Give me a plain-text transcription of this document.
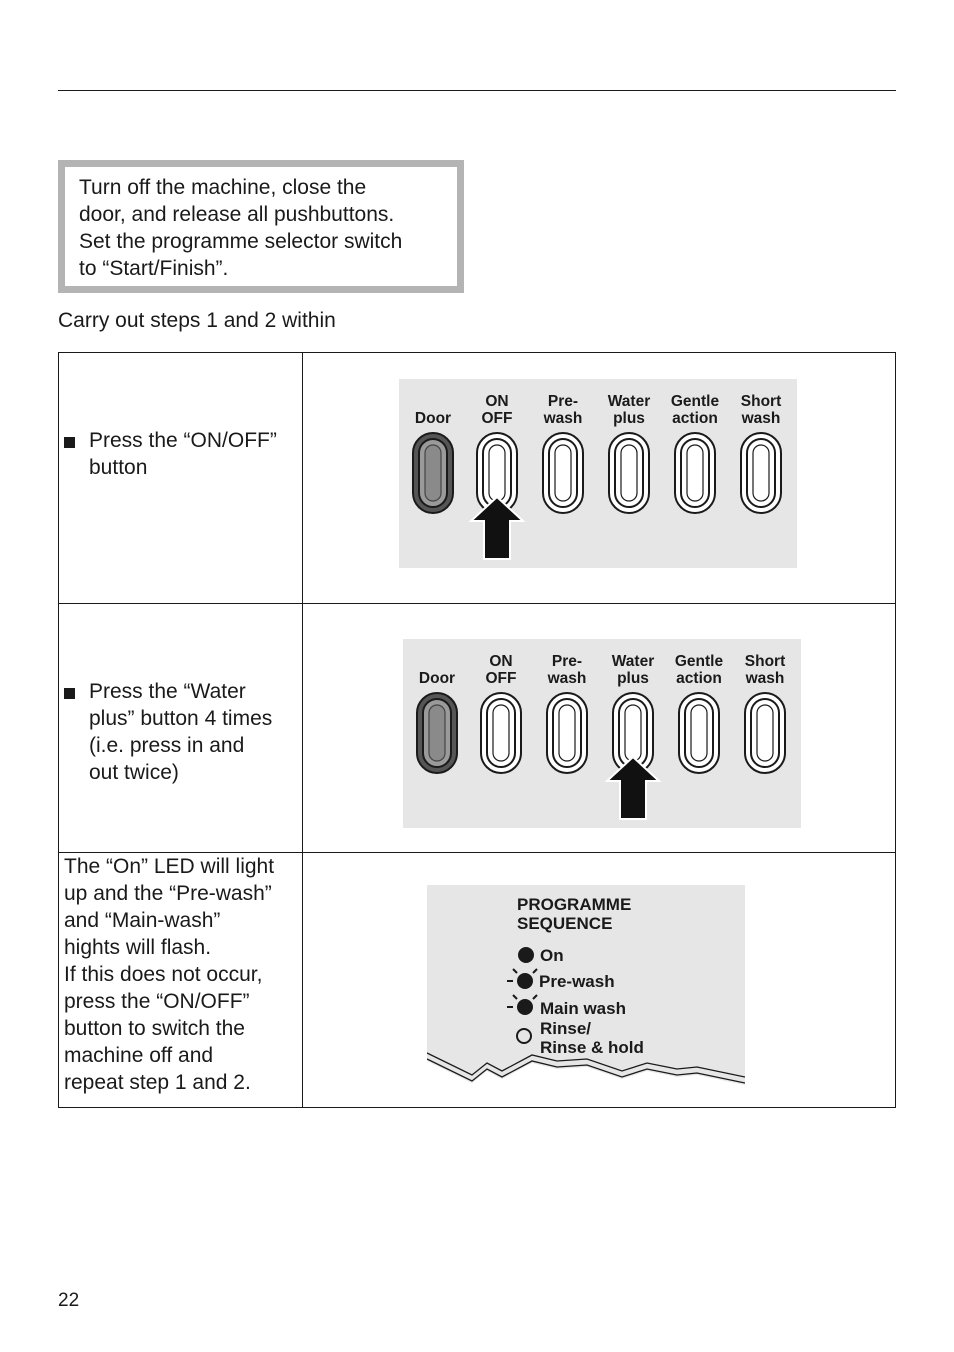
Turn off the machine, close the
door, and release all pushbuttons.
Set the programme selector switch
to “Start/Finish”.
Carry out steps 1 and 2 within
Press the “ON/OFF”
button
Door
ON
OFF
Pre-
wash
Water
plus
Gentle
action
Short
wash
Press the “Water
plus” button 4 times
(i.e. press in and
out twice)
Door
ON
OFF
Pre-
wash
Water
plus
Gentle
action
Short
wash
The “On” LED will light
up and the “Pre-wash”
and “Main-wash”
hights will flash.
If this does not occur,
press the “ON/OFF”
button to switch the
machine off and
repeat step 1 and 2.
PROGRAMME
SEQUENCE
On
Pre-wash
Main wash
Rinse/
Rinse & hold
22
